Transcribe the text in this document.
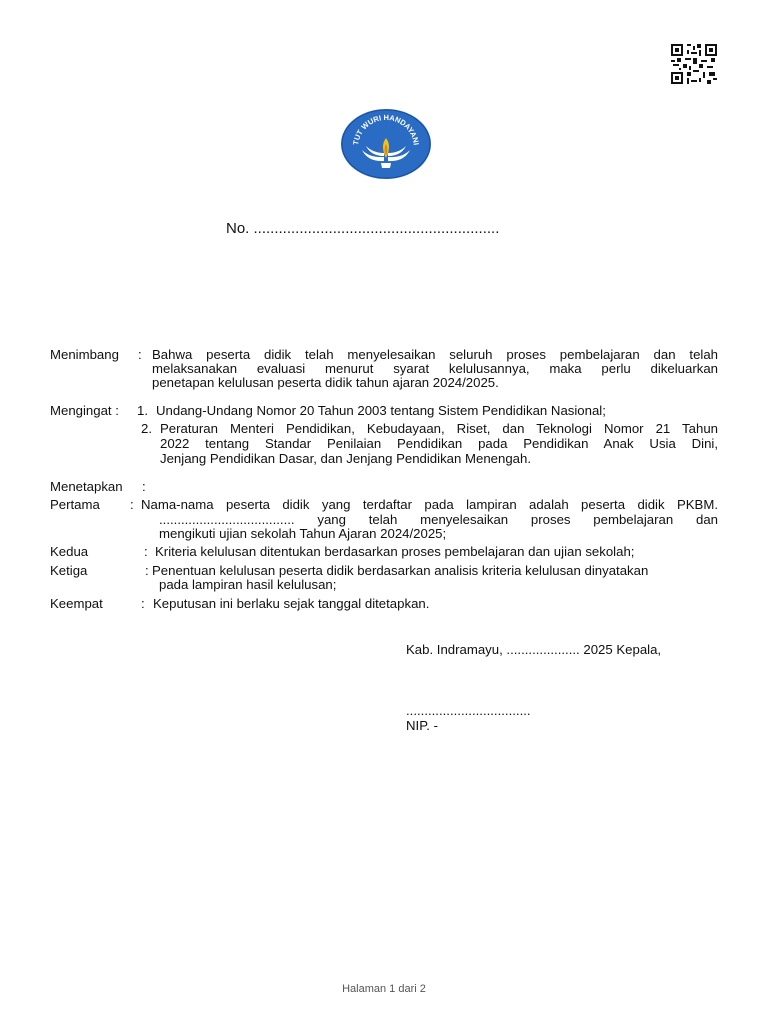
TUT WURI HANDAYANI
No. ...........................................................
Menimbang : Bahwa peserta didik telah menyelesaikan seluruh proses pembelajaran dan telah
melaksanakan evaluasi menurut syarat kelulusannya, maka perlu dikeluarkan
penetapan kelulusan peserta didik tahun ajaran 2024/2025.
Mengingat : 1. Undang-Undang Nomor 20 Tahun 2003 tentang Sistem Pendidikan Nasional;
2. Peraturan Menteri Pendidikan, Kebudayaan, Riset, dan Teknologi Nomor 21 Tahun
2022 tentang Standar Penilaian Pendidikan pada Pendidikan Anak Usia Dini,
Jenjang Pendidikan Dasar, dan Jenjang Pendidikan Menengah.
Menetapkan :
Pertama : Nama-nama peserta didik yang terdaftar pada lampiran adalah peserta didik PKBM.
..................................... yang telah menyelesaikan proses pembelajaran dan
mengikuti ujian sekolah Tahun Ajaran 2024/2025;
Kedua	: Kriteria kelulusan ditentukan berdasarkan proses pembelajaran dan ujian sekolah;
Ketiga	: Penentuan kelulusan peserta didik berdasarkan analisis kriteria kelulusan dinyatakan
pada lampiran hasil kelulusan;
Keempat	: Keputusan ini berlaku sejak tanggal ditetapkan.
Kab. Indramayu, .................... 2025 Kepala,
..................................
NIP. -
Halaman 1 dari 2
